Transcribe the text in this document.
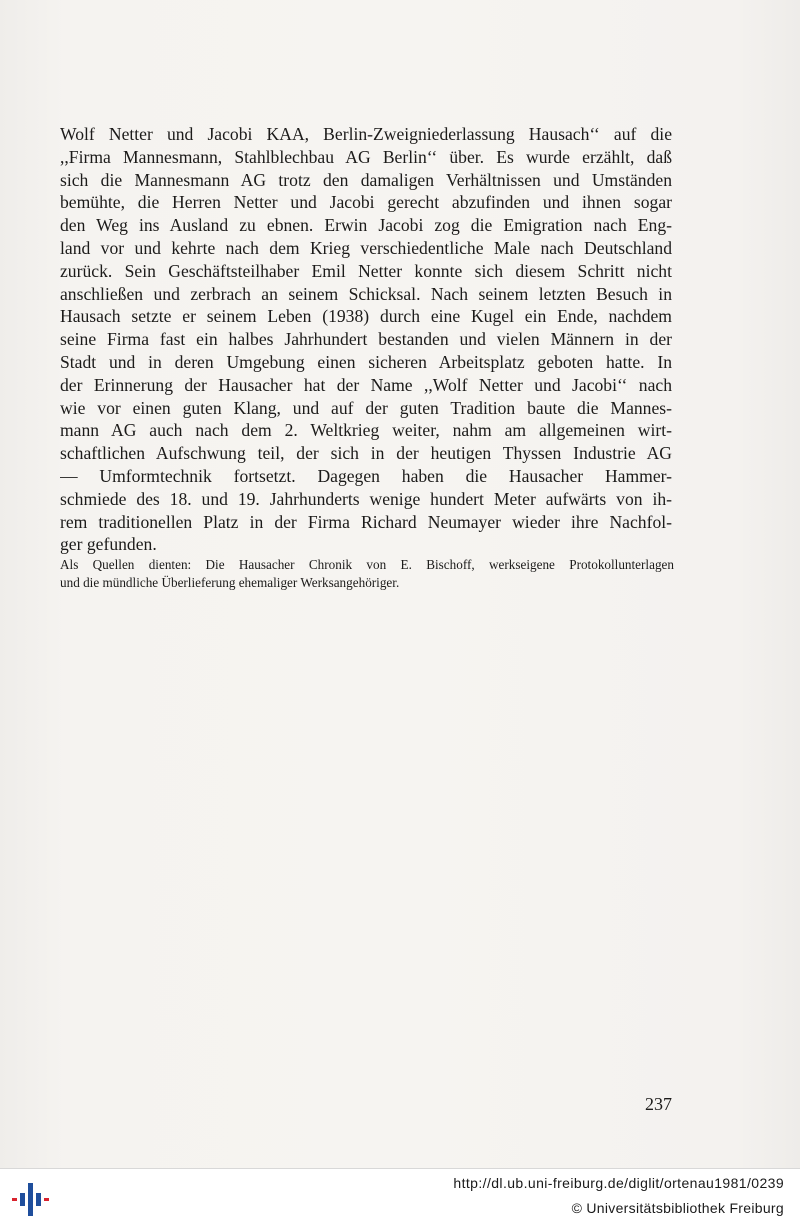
Wolf Netter und Jacobi KAA, Berlin-Zweigniederlassung Hausach‘‘ auf die
,,Firma Mannesmann, Stahlblechbau AG Berlin‘‘ über. Es wurde erzählt, daß
sich die Mannesmann AG trotz den damaligen Verhältnissen und Umständen
bemühte, die Herren Netter und Jacobi gerecht abzufinden und ihnen sogar
den Weg ins Ausland zu ebnen. Erwin Jacobi zog die Emigration nach Eng-
land vor und kehrte nach dem Krieg verschiedentliche Male nach Deutschland
zurück. Sein Geschäftsteilhaber Emil Netter konnte sich diesem Schritt nicht
anschließen und zerbrach an seinem Schicksal. Nach seinem letzten Besuch in
Hausach setzte er seinem Leben (1938) durch eine Kugel ein Ende, nachdem
seine Firma fast ein halbes Jahrhundert bestanden und vielen Männern in der
Stadt und in deren Umgebung einen sicheren Arbeitsplatz geboten hatte. In
der Erinnerung der Hausacher hat der Name ,,Wolf Netter und Jacobi‘‘ nach
wie vor einen guten Klang, und auf der guten Tradition baute die Mannes-
mann AG auch nach dem 2. Weltkrieg weiter, nahm am allgemeinen wirt-
schaftlichen Aufschwung teil, der sich in der heutigen Thyssen Industrie AG
— Umformtechnik fortsetzt. Dagegen haben die Hausacher Hammer-
schmiede des 18. und 19. Jahrhunderts wenige hundert Meter aufwärts von ih-
rem traditionellen Platz in der Firma Richard Neumayer wieder ihre Nachfol-
ger gefunden.
Als Quellen dienten: Die Hausacher Chronik von E. Bischoff, werkseigene Protokollunterlagen
und die mündliche Überlieferung ehemaliger Werksangehöriger.
237
http://dl.ub.uni-freiburg.de/diglit/ortenau1981/0239
© Universitätsbibliothek Freiburg
